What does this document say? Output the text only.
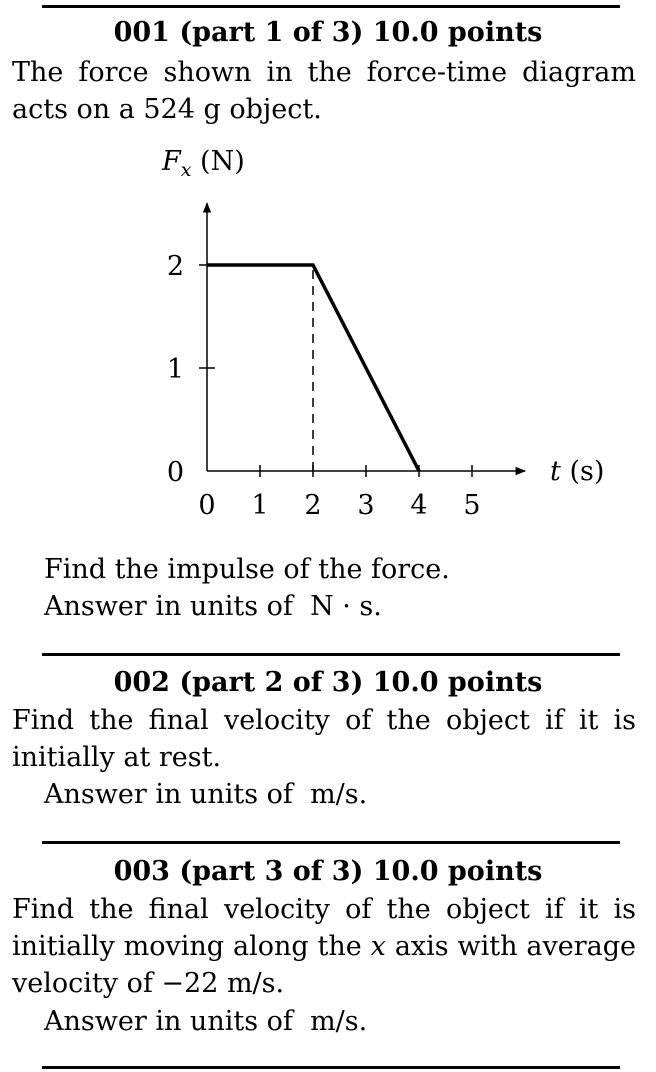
001 (part 1 of 3) 10.0 points
The force shown in the force-time diagram
acts on a 524 g object.
0 1 2 3 4 5
0
1
2
$F_x$ (N)
t (s)
Find the impulse of the force.
Answer in units of N · s.
002 (part 2 of 3) 10.0 points
Find the final velocity of the object if it is
initially at rest.
Answer in units of m/s.
003 (part 3 of 3) 10.0 points
Find the final velocity of the object if it is
initially moving along the x axis with average
velocity of −22 m/s.
Answer in units of m/s.
